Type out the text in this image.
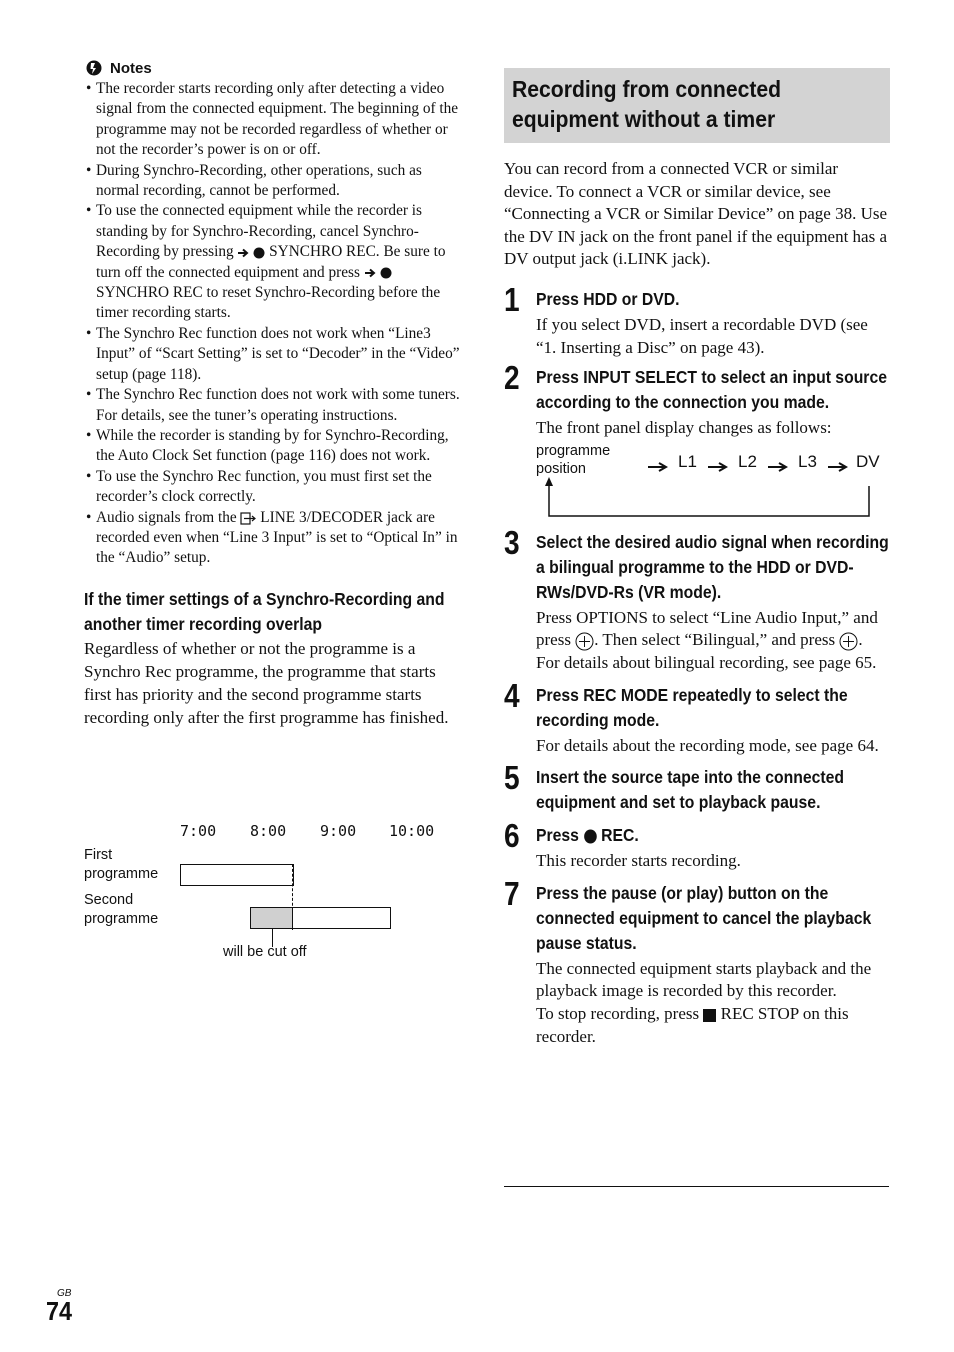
Notes
• The recorder starts recording only after detecting a video signal from the connected equipment. The beginning of the programme may not be recorded regardless of whether or not the recorder’s power is on or off.
• During Synchro-Recording, other operations, such as normal recording, cannot be performed.
• To use the connected equipment while the recorder is standing by for Synchro-Recording, cancel Synchro-Recording by pressing   SYNCHRO REC. Be sure to turn off the connected equipment and press   SYNCHRO REC to reset Synchro-Recording before the timer recording starts.
• The Synchro Rec function does not work when “Line3 Input” of “Scart Setting” is set to “Decoder” in the “Video” setup (page 118).
• The Synchro Rec function does not work with some tuners. For details, see the tuner’s operating instructions.
• While the recorder is standing by for Synchro-Recording, the Auto Clock Set function (page 116) does not work.
• To use the Synchro Rec function, you must first set the recorder’s clock correctly.
• Audio signals from the  LINE 3/DECODER jack are recorded even when “Line 3 Input” is set to “Optical In” in the “Audio” setup.
If the timer settings of a Synchro-Recording and another timer recording overlap
Regardless of whether or not the programme is a Synchro Rec programme, the programme that starts first has priority and the second programme starts recording only after the first programme has finished.
7:00 8:00 9:00 10:00
First programme
Second programme
will be cut off
Recording from connected equipment without a timer
You can record from a connected VCR or similar device. To connect a VCR or similar device, see “Connecting a VCR or Similar Device” on page 38. Use the DV IN jack on the front panel if the equipment has a DV output jack (i.LINK jack).
1 Press HDD or DVD.
If you select DVD, insert a recordable DVD (see “1. Inserting a Disc” on page 43).
2 Press INPUT SELECT to select an input source according to the connection you made.
The front panel display changes as follows:
programme position	L1 L2 L3 DV
3 Select the desired audio signal when recording a bilingual programme to the HDD or DVD-RWs/DVD-Rs (VR mode).
Press OPTIONS to select “Line Audio Input,” and press . Then select “Bilingual,” and press .
For details about bilingual recording, see page 65.
4 Press REC MODE repeatedly to select the recording mode.
For details about the recording mode, see page 64.
5 Insert the source tape into the connected equipment and set to playback pause.
6 Press  REC.
This recorder starts recording.
7 Press the pause (or play) button on the connected equipment to cancel the playback pause status.
The connected equipment starts playback and the playback image is recorded by this recorder.
To stop recording, press  REC STOP on this recorder.
GB
74
